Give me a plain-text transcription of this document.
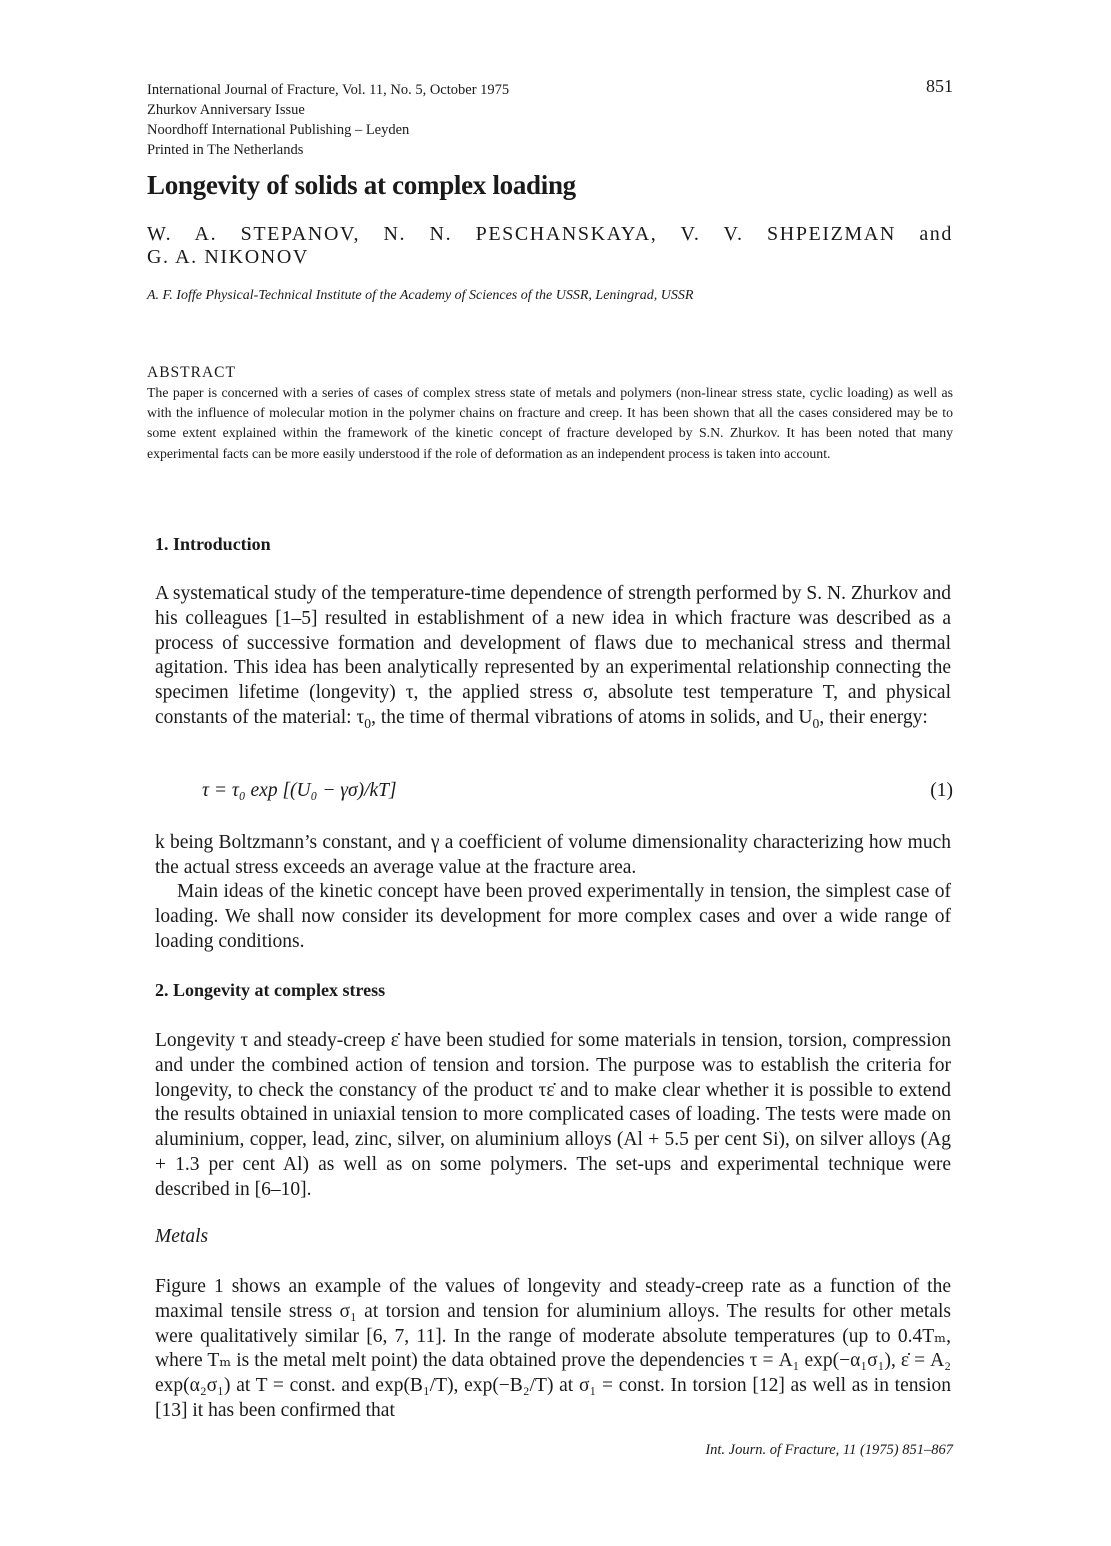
International Journal of Fracture, Vol. 11, No. 5, October 1975
Zhurkov Anniversary Issue
Noordhoff International Publishing – Leyden
Printed in The Netherlands
851
Longevity of solids at complex loading
W. A. STEPANOV, N. N. PESCHANSKAYA, V. V. SHPEIZMAN and
G. A. NIKONOV
A. F. Ioffe Physical-Technical Institute of the Academy of Sciences of the USSR, Leningrad, USSR
ABSTRACT
The paper is concerned with a series of cases of complex stress state of metals and polymers (non-linear stress state, cyclic loading) as well as with the influence of molecular motion in the polymer chains on fracture and creep. It has been shown that all the cases considered may be to some extent explained within the framework of the kinetic concept of fracture developed by S.N. Zhurkov. It has been noted that many experimental facts can be more easily understood if the role of deformation as an independent process is taken into account.
1. Introduction
A systematical study of the temperature-time dependence of strength performed by S. N. Zhurkov and his colleagues [1–5] resulted in establishment of a new idea in which fracture was described as a process of successive formation and development of flaws due to mechanical stress and thermal agitation. This idea has been analytically represented by an experimental relationship connecting the specimen lifetime (longevity) τ, the applied stress σ, absolute test temperature T, and physical constants of the material: $\tau_0$, the time of thermal vibrations of atoms in solids, and $U_0$, their energy:
τ = τ₀ exp [(U₀ − γσ)/kT]	(1)
k being Boltzmann’s constant, and γ a coefficient of volume dimensionality characterizing how much the actual stress exceeds an average value at the fracture area.
Main ideas of the kinetic concept have been proved experimentally in tension, the simplest case of loading. We shall now consider its development for more complex cases and over a wide range of loading conditions.
2. Longevity at complex stress
Longevity τ and steady-creep ε̇ have been studied for some materials in tension, torsion, compression and under the combined action of tension and torsion. The purpose was to establish the criteria for longevity, to check the constancy of the product τε̇ and to make clear whether it is possible to extend the results obtained in uniaxial tension to more complicated cases of loading. The tests were made on aluminium, copper, lead, zinc, silver, on aluminium alloys (Al + 5.5 per cent Si), on silver alloys (Ag + 1.3 per cent Al) as well as on some polymers. The set-ups and experimental technique were described in [6–10].
Metals
Figure 1 shows an example of the values of longevity and steady-creep rate as a function of the maximal tensile stress σ₁ at torsion and tension for aluminium alloys. The results for other metals were qualitatively similar [6, 7, 11]. In the range of moderate absolute temperatures (up to 0.4Tₘ, where Tₘ is the metal melt point) the data obtained prove the dependencies τ = A₁ exp(−α₁σ₁), ε̇ = A₂ exp(α₂σ₁) at T = const. and exp(B₁/T), exp(−B₂/T) at σ₁ = const. In torsion [12] as well as in tension [13] it has been confirmed that
Int. Journ. of Fracture, 11 (1975) 851–867
